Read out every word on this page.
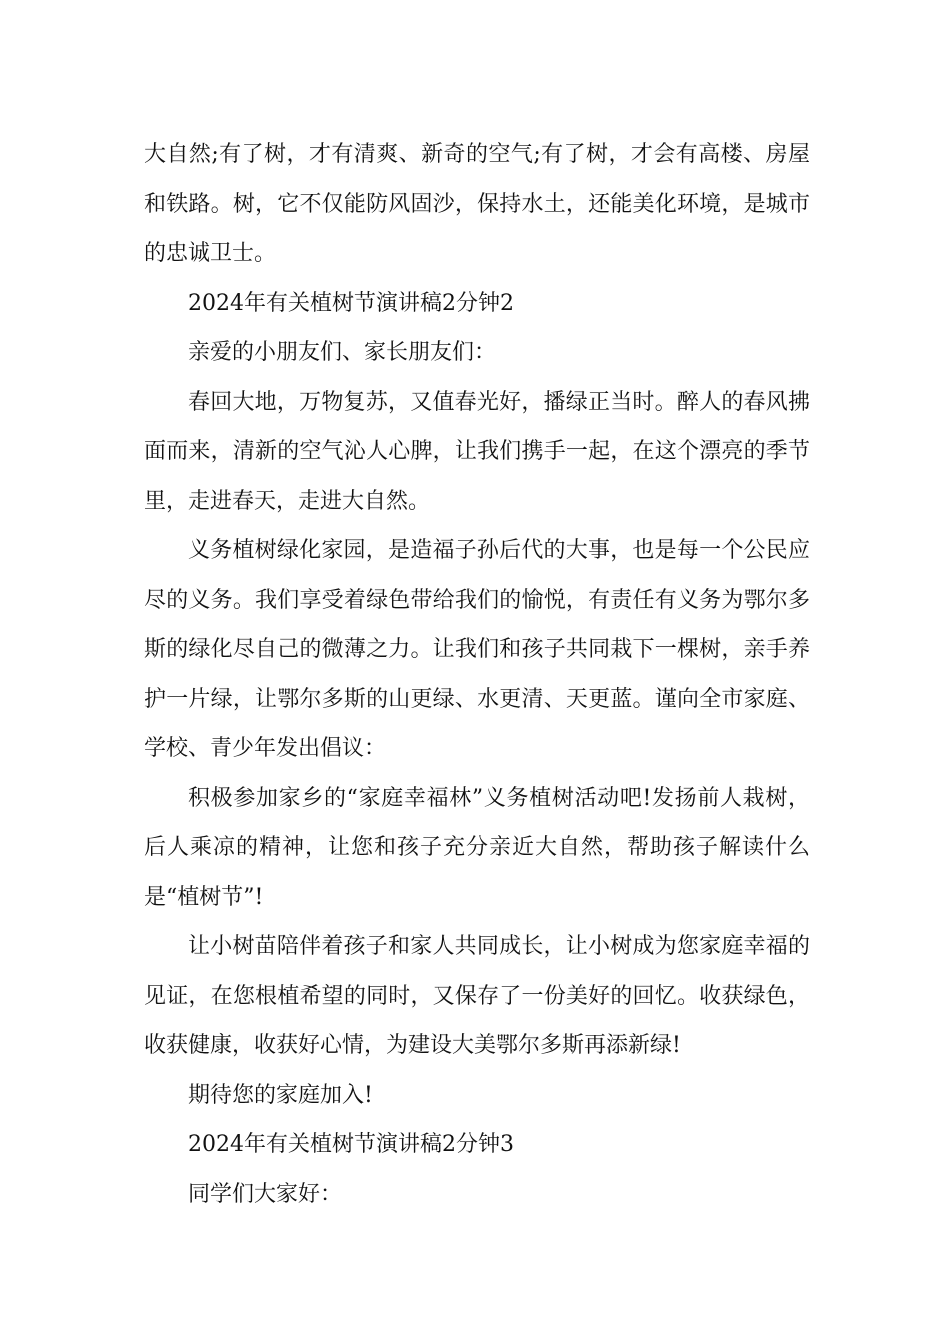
大自然;有了树，才有清爽、新奇的空气;有了树，才会有高楼、房屋和铁路。树，它不仅能防风固沙，保持水土，还能美化环境，是城市的忠诚卫士。

2024年有关植树节演讲稿2分钟2

亲爱的小朋友们、家长朋友们：

春回大地，万物复苏，又值春光好，播绿正当时。醉人的春风拂面而来，清新的空气沁人心脾，让我们携手一起，在这个漂亮的季节里，走进春天，走进大自然。

义务植树绿化家园，是造福子孙后代的大事，也是每一个公民应尽的义务。我们享受着绿色带给我们的愉悦，有责任有义务为鄂尔多斯的绿化尽自己的微薄之力。让我们和孩子共同栽下一棵树，亲手养护一片绿，让鄂尔多斯的山更绿、水更清、天更蓝。谨向全市家庭、学校、青少年发出倡议：

积极参加家乡的“家庭幸福林”义务植树活动吧!发扬前人栽树，后人乘凉的精神，让您和孩子充分亲近大自然，帮助孩子解读什么是“植树节”!

让小树苗陪伴着孩子和家人共同成长，让小树成为您家庭幸福的见证，在您根植希望的同时，又保存了一份美好的回忆。收获绿色，收获健康，收获好心情，为建设大美鄂尔多斯再添新绿!

期待您的家庭加入!

2024年有关植树节演讲稿2分钟3

同学们大家好：
